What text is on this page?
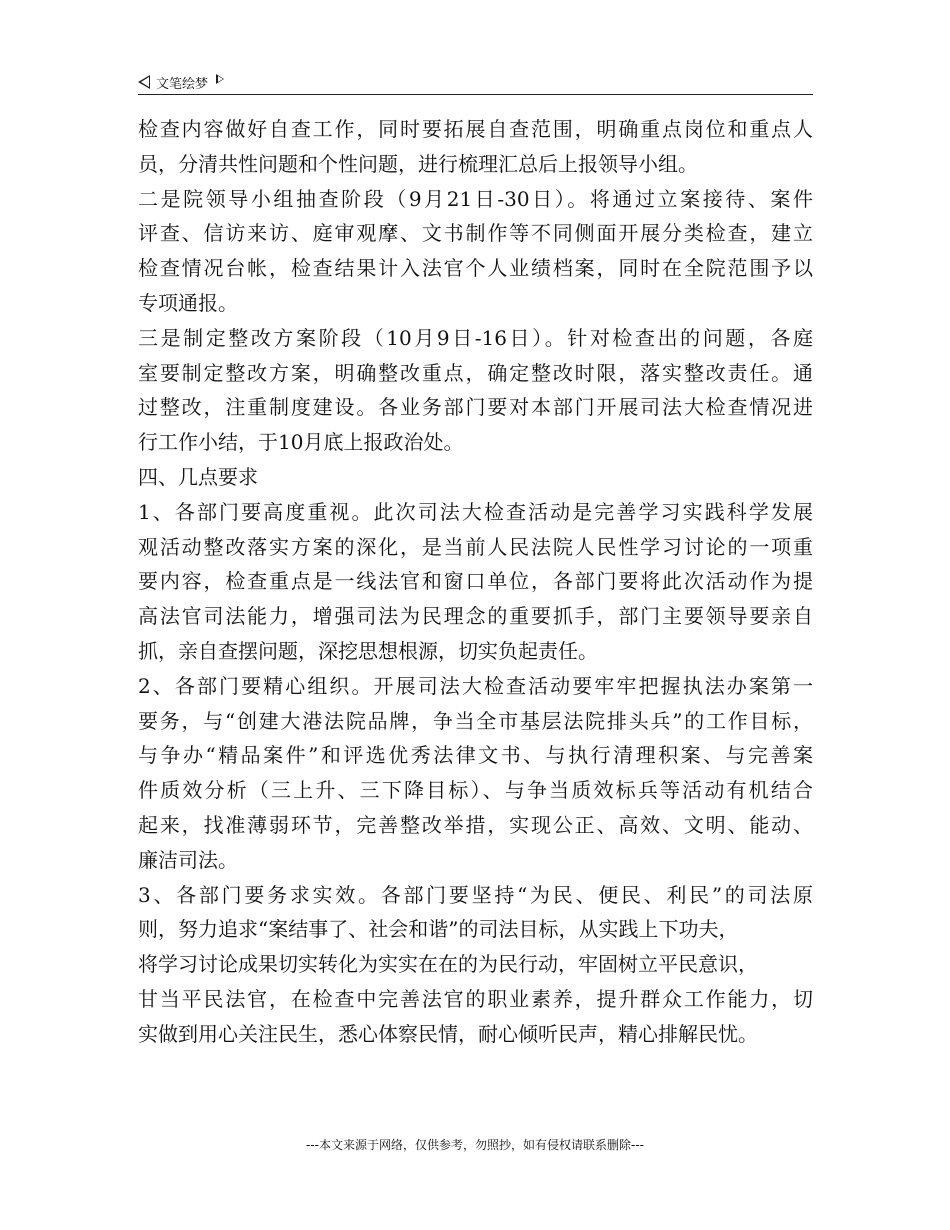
文笔绘梦
检查内容做好自查工作，同时要拓展自查范围，明确重点岗位和重点人
员，分清共性问题和个性问题，进行梳理汇总后上报领导小组。
二是院领导小组抽查阶段（9月21日-30日）。将通过立案接待、案件
评查、信访来访、庭审观摩、文书制作等不同侧面开展分类检查，建立
检查情况台帐，检查结果计入法官个人业绩档案，同时在全院范围予以
专项通报。
三是制定整改方案阶段（10月9日-16日）。针对检查出的问题，各庭
室要制定整改方案，明确整改重点，确定整改时限，落实整改责任。通
过整改，注重制度建设。各业务部门要对本部门开展司法大检查情况进
行工作小结，于10月底上报政治处。
四、几点要求
1、各部门要高度重视。此次司法大检查活动是完善学习实践科学发展
观活动整改落实方案的深化，是当前人民法院人民性学习讨论的一项重
要内容，检查重点是一线法官和窗口单位，各部门要将此次活动作为提
高法官司法能力，增强司法为民理念的重要抓手，部门主要领导要亲自
抓，亲自查摆问题，深挖思想根源，切实负起责任。
2、各部门要精心组织。开展司法大检查活动要牢牢把握执法办案第一
要务，与“创建大港法院品牌，争当全市基层法院排头兵”的工作目标，
与争办“精品案件”和评选优秀法律文书、与执行清理积案、与完善案
件质效分析（三上升、三下降目标）、与争当质效标兵等活动有机结合
起来，找准薄弱环节，完善整改举措，实现公正、高效、文明、能动、
廉洁司法。
3、各部门要务求实效。各部门要坚持“为民、便民、利民”的司法原
则，努力追求“案结事了、社会和谐”的司法目标，从实践上下功夫，
将学习讨论成果切实转化为实实在在的为民行动，牢固树立平民意识，
甘当平民法官，在检查中完善法官的职业素养，提升群众工作能力，切
实做到用心关注民生，悉心体察民情，耐心倾听民声，精心排解民忧。
---本文来源于网络，仅供参考，勿照抄，如有侵权请联系删除---
